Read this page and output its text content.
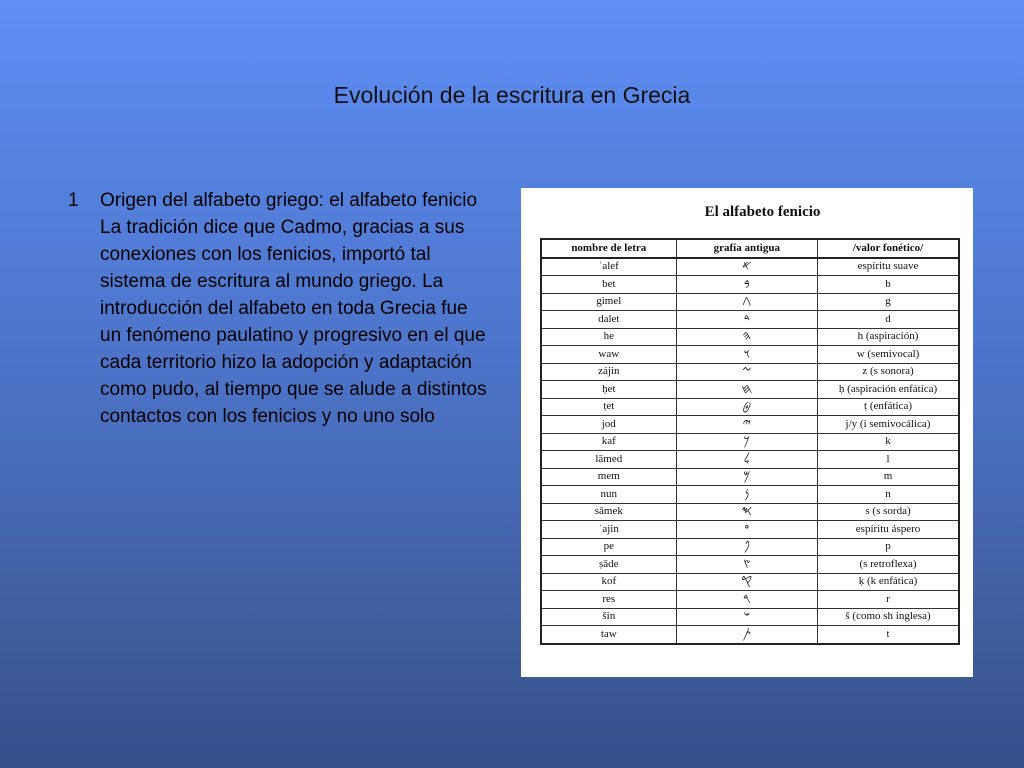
Evolución de la escritura en Grecia
1	Origen del alfabeto griego: el alfabeto fenicio La tradición dice que Cadmo, gracias a sus conexiones con los fenicios, importó tal sistema de escritura al mundo griego. La introducción del alfabeto en toda Grecia fue un fenómeno paulatino y progresivo en el que cada territorio hizo la adopción y adaptación como pudo, al tiempo que se alude a distintos contactos con los fenicios y no uno solo
El alfabeto fenicio
nombre de letra	grafía antigua	/valor fonético/
ʾalef	𐤀	espíritu suave
bet	𐤁	b
gimel	𐤂	g
dalet	𐤃	d
he	𐤄	h (aspiración)
waw	𐤅	w (semivocal)
zájin	𐤆	z (s sonora)
ḥet	𐤇	ḥ (aspiración enfática)
ṭet	𐤈	ṭ (enfática)
jod	𐤉	j/y (i semivocálica)
kaf	𐤊	k
lāmed	𐤋	l
mem	𐤌	m
nun	𐤍	n
sāmek	𐤎	s (s sorda)
ʿajin	𐤏	espíritu áspero
pe	𐤐	p
ṣāde	𐤑	(s retroflexa)
kof	𐤒	ḳ (k enfática)
res	𐤓	r
šin	𐤔	š (como sh inglesa)
taw	𐤕	t
